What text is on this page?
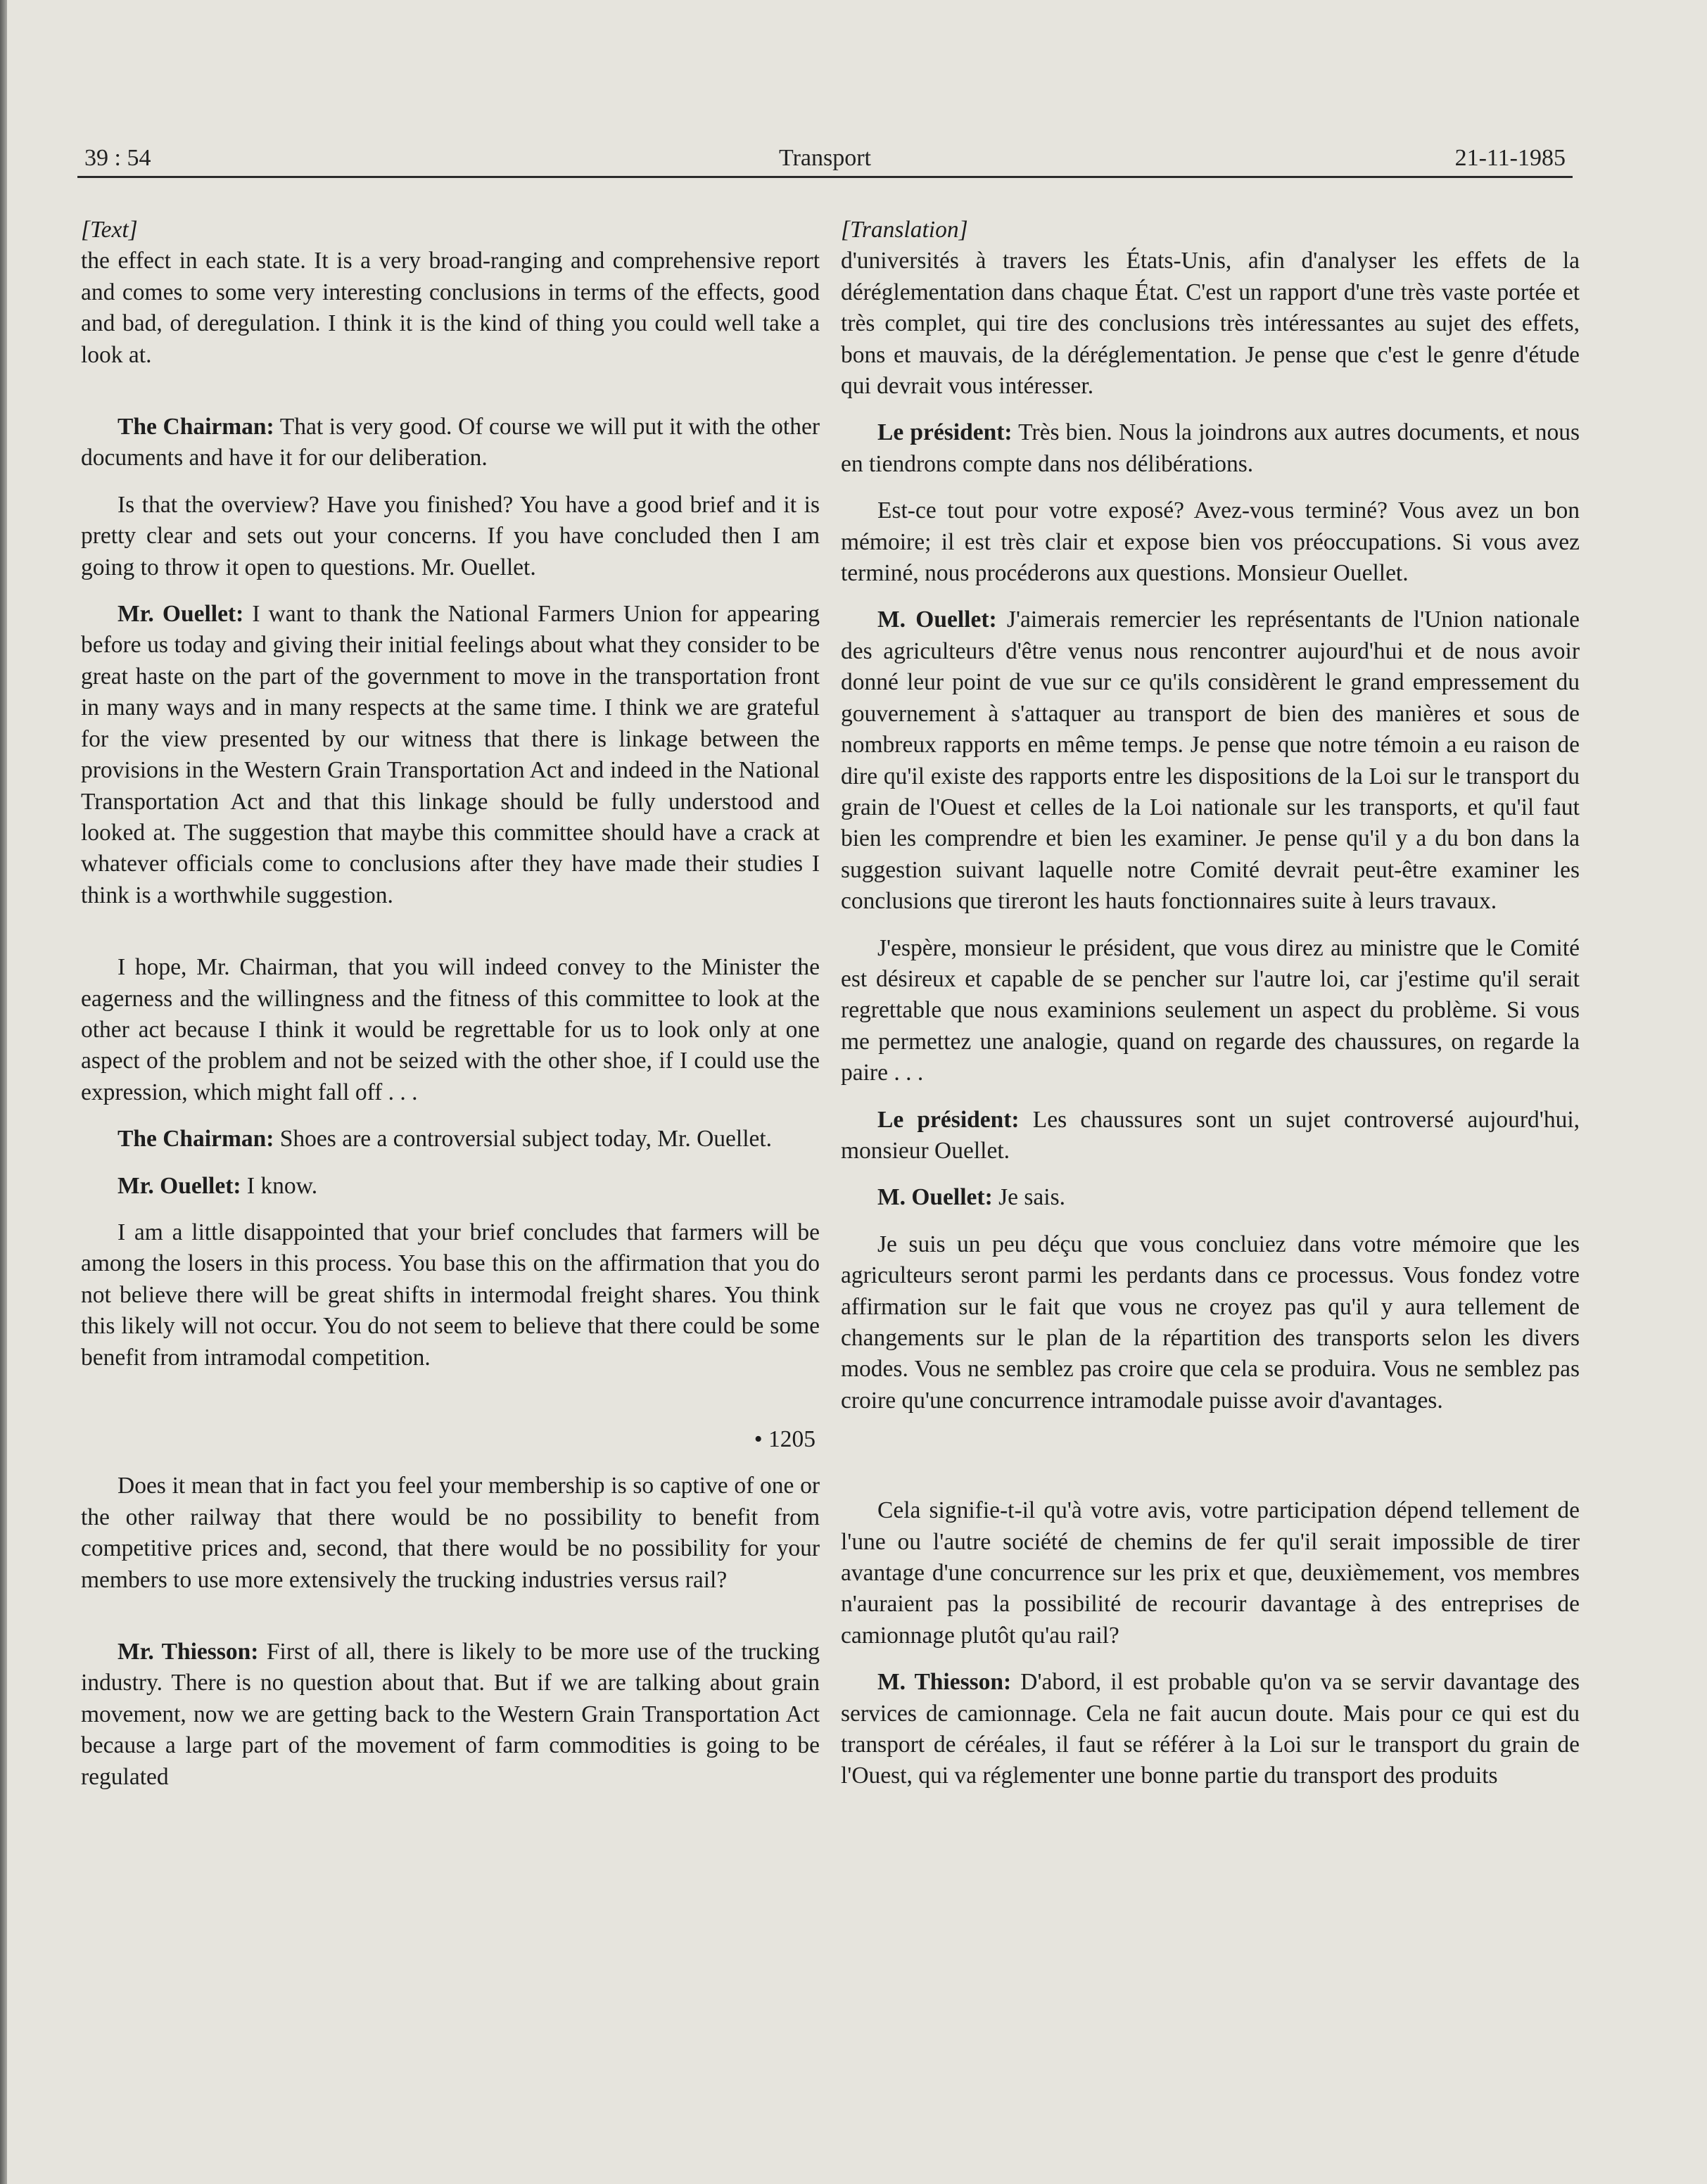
39 : 54	Transport	21-11-1985

[Text]

the effect in each state. It is a very broad-ranging and comprehensive report and comes to some very interesting conclusions in terms of the effects, good and bad, of deregulation. I think it is the kind of thing you could well take a look at.

The Chairman: That is very good. Of course we will put it with the other documents and have it for our deliberation.

Is that the overview? Have you finished? You have a good brief and it is pretty clear and sets out your concerns. If you have concluded then I am going to throw it open to questions. Mr. Ouellet.

Mr. Ouellet: I want to thank the National Farmers Union for appearing before us today and giving their initial feelings about what they consider to be great haste on the part of the government to move in the transportation front in many ways and in many respects at the same time. I think we are grateful for the view presented by our witness that there is linkage between the provisions in the Western Grain Transportation Act and indeed in the National Transportation Act and that this linkage should be fully understood and looked at. The suggestion that maybe this committee should have a crack at whatever officials come to conclusions after they have made their studies I think is a worthwhile suggestion.

I hope, Mr. Chairman, that you will indeed convey to the Minister the eagerness and the willingness and the fitness of this committee to look at the other act because I think it would be regrettable for us to look only at one aspect of the problem and not be seized with the other shoe, if I could use the expression, which might fall off . . .

The Chairman: Shoes are a controversial subject today, Mr. Ouellet.

Mr. Ouellet: I know.

I am a little disappointed that your brief concludes that farmers will be among the losers in this process. You base this on the affirmation that you do not believe there will be great shifts in intermodal freight shares. You think this likely will not occur. You do not seem to believe that there could be some benefit from intramodal competition.

• 1205

Does it mean that in fact you feel your membership is so captive of one or the other railway that there would be no possibility to benefit from competitive prices and, second, that there would be no possibility for your members to use more extensively the trucking industries versus rail?

Mr. Thiesson: First of all, there is likely to be more use of the trucking industry. There is no question about that. But if we are talking about grain movement, now we are getting back to the Western Grain Transportation Act because a large part of the movement of farm commodities is going to be regulated

[Translation]

d'universités à travers les États-Unis, afin d'analyser les effets de la déréglementation dans chaque État. C'est un rapport d'une très vaste portée et très complet, qui tire des conclusions très intéressantes au sujet des effets, bons et mauvais, de la déréglementation. Je pense que c'est le genre d'étude qui devrait vous intéresser.

Le président: Très bien. Nous la joindrons aux autres documents, et nous en tiendrons compte dans nos délibérations.

Est-ce tout pour votre exposé? Avez-vous terminé? Vous avez un bon mémoire; il est très clair et expose bien vos préoccupations. Si vous avez terminé, nous procéderons aux questions. Monsieur Ouellet.

M. Ouellet: J'aimerais remercier les représentants de l'Union nationale des agriculteurs d'être venus nous rencontrer aujourd'hui et de nous avoir donné leur point de vue sur ce qu'ils considèrent le grand empressement du gouvernement à s'attaquer au transport de bien des manières et sous de nombreux rapports en même temps. Je pense que notre témoin a eu raison de dire qu'il existe des rapports entre les dispositions de la Loi sur le transport du grain de l'Ouest et celles de la Loi nationale sur les transports, et qu'il faut bien les comprendre et bien les examiner. Je pense qu'il y a du bon dans la suggestion suivant laquelle notre Comité devrait peut-être examiner les conclusions que tireront les hauts fonctionnaires suite à leurs travaux.

J'espère, monsieur le président, que vous direz au ministre que le Comité est désireux et capable de se pencher sur l'autre loi, car j'estime qu'il serait regrettable que nous examinions seulement un aspect du problème. Si vous me permettez une analogie, quand on regarde des chaussures, on regarde la paire . . .

Le président: Les chaussures sont un sujet controversé aujourd'hui, monsieur Ouellet.

M. Ouellet: Je sais.

Je suis un peu déçu que vous concluiez dans votre mémoire que les agriculteurs seront parmi les perdants dans ce processus. Vous fondez votre affirmation sur le fait que vous ne croyez pas qu'il y aura tellement de changements sur le plan de la répartition des transports selon les divers modes. Vous ne semblez pas croire que cela se produira. Vous ne semblez pas croire qu'une concurrence intramodale puisse avoir d'avantages.

Cela signifie-t-il qu'à votre avis, votre participation dépend tellement de l'une ou l'autre société de chemins de fer qu'il serait impossible de tirer avantage d'une concurrence sur les prix et que, deuxièmement, vos membres n'auraient pas la possibilité de recourir davantage à des entreprises de camionnage plutôt qu'au rail?

M. Thiesson: D'abord, il est probable qu'on va se servir davantage des services de camionnage. Cela ne fait aucun doute. Mais pour ce qui est du transport de céréales, il faut se référer à la Loi sur le transport du grain de l'Ouest, qui va réglementer une bonne partie du transport des produits
